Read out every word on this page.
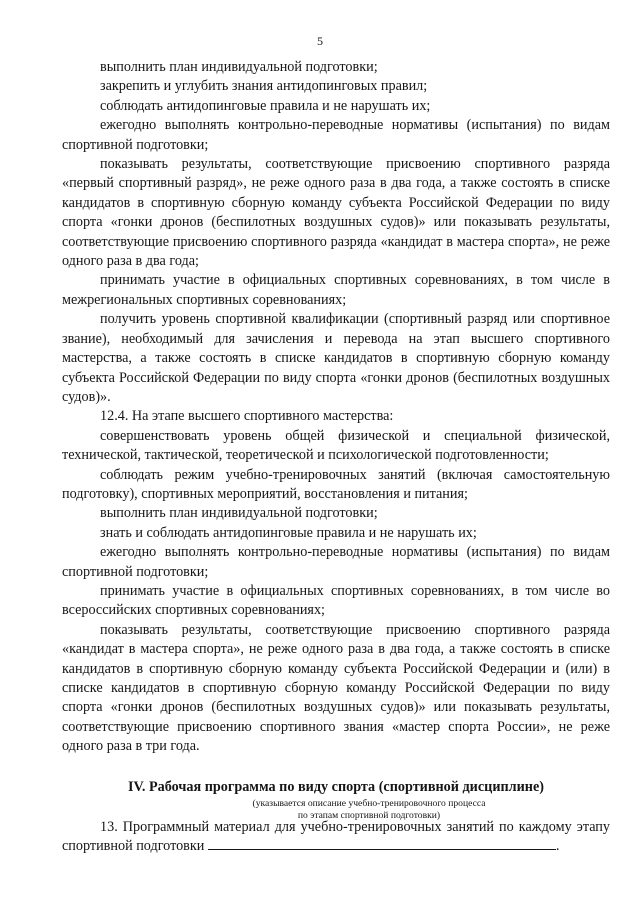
5

выполнить план индивидуальной подготовки;

закрепить и углубить знания антидопинговых правил;

соблюдать антидопинговые правила и не нарушать их;

ежегодно выполнять контрольно-переводные нормативы (испытания) по видам спортивной подготовки;

показывать результаты, соответствующие присвоению спортивного разряда «первый спортивный разряд», не реже одного раза в два года, а также состоять в списке кандидатов в спортивную сборную команду субъекта Российской Федерации по виду спорта «гонки дронов (беспилотных воздушных судов)» или показывать результаты, соответствующие присвоению спортивного разряда «кандидат в мастера спорта», не реже одного раза в два года;

принимать участие в официальных спортивных соревнованиях, в том числе в межрегиональных спортивных соревнованиях;

получить уровень спортивной квалификации (спортивный разряд или спортивное звание), необходимый для зачисления и перевода на этап высшего спортивного мастерства, а также состоять в списке кандидатов в спортивную сборную команду субъекта Российской Федерации по виду спорта «гонки дронов (беспилотных воздушных судов)».

12.4. На этапе высшего спортивного мастерства:

совершенствовать уровень общей физической и специальной физической, технической, тактической, теоретической и психологической подготовленности;

соблюдать режим учебно-тренировочных занятий (включая самостоятельную подготовку), спортивных мероприятий, восстановления и питания;

выполнить план индивидуальной подготовки;

знать и соблюдать антидопинговые правила и не нарушать их;

ежегодно выполнять контрольно-переводные нормативы (испытания) по видам спортивной подготовки;

принимать участие в официальных спортивных соревнованиях, в том числе во всероссийских спортивных соревнованиях;

показывать результаты, соответствующие присвоению спортивного разряда «кандидат в мастера спорта», не реже одного раза в два года, а также состоять в списке кандидатов в спортивную сборную команду субъекта Российской Федерации и (или) в списке кандидатов в спортивную сборную команду Российской Федерации по виду спорта «гонки дронов (беспилотных воздушных судов)» или показывать результаты, соответствующие присвоению спортивного звания «мастер спорта России», не реже одного раза в три года.

IV. Рабочая программа по виду спорта (спортивной дисциплине)

13. Программный материал для учебно-тренировочных занятий по каждому этапу спортивной подготовки	.

(указывается описание учебно-тренировочного процесса
по этапам спортивной подготовки)
